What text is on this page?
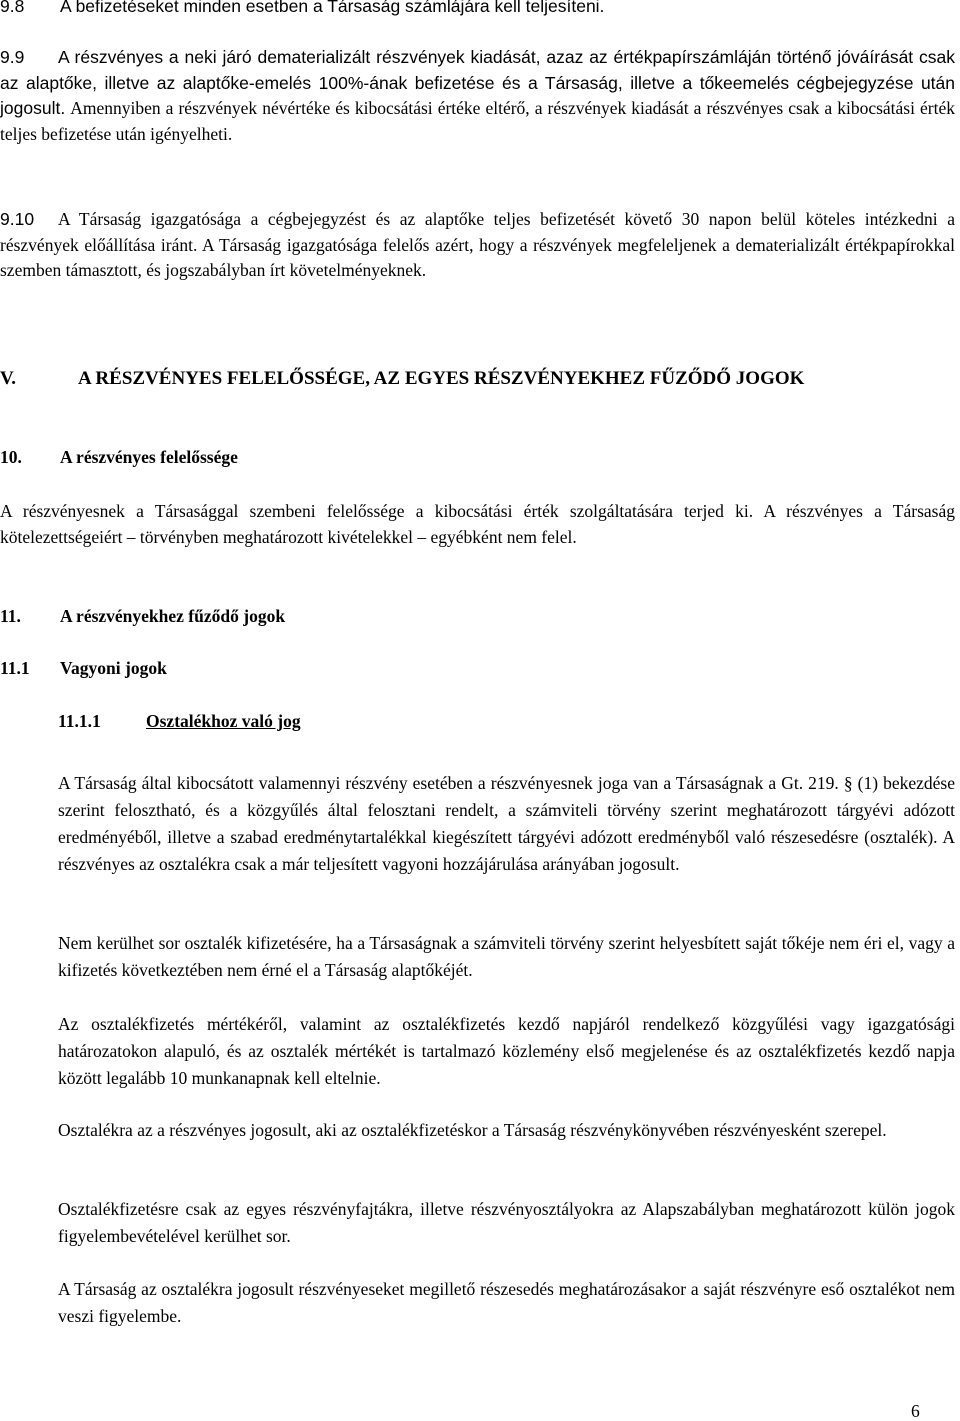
9.8 A befizetéseket minden esetben a Társaság számlájára kell teljesíteni.
9.9 A részvényes a neki járó dematerializált részvények kiadását, azaz az értékpapírszámláján történő jóváírását csak az alaptőke, illetve az alaptőke-emelés 100%-ának befizetése és a Társaság, illetve a tőkeemelés cégbejegyzése után jogosult. Amennyiben a részvények névértéke és kibocsátási értéke eltérő, a részvények kiadását a részvényes csak a kibocsátási érték teljes befizetése után igényelheti.
9.10 A Társaság igazgatósága a cégbejegyzést és az alaptőke teljes befizetését követő 30 napon belül köteles intézkedni a részvények előállítása iránt. A Társaság igazgatósága felelős azért, hogy a részvények megfeleljenek a dematerializált értékpapírokkal szemben támasztott, és jogszabályban írt követelményeknek.
V.	A RÉSZVÉNYES FELELŐSSÉGE, AZ EGYES RÉSZVÉNYEKHEZ FŰZŐDŐ JOGOK
10. A részvényes felelőssége
A részvényesnek a Társasággal szembeni felelőssége a kibocsátási érték szolgáltatására terjed ki. A részvényes a Társaság kötelezettségeiért – törvényben meghatározott kivételekkel – egyébként nem felel.
11. A részvényekhez fűződő jogok
11.1 Vagyoni jogok
11.1.1	Osztalékhoz való jog
A Társaság által kibocsátott valamennyi részvény esetében a részvényesnek joga van a Társaságnak a Gt. 219. § (1) bekezdése szerint felosztható, és a közgyűlés által felosztani rendelt, a számviteli törvény szerint meghatározott tárgyévi adózott eredményéből, illetve a szabad eredménytartalékkal kiegészített tárgyévi adózott eredményből való részesedésre (osztalék). A részvényes az osztalékra csak a már teljesített vagyoni hozzájárulása arányában jogosult.
Nem kerülhet sor osztalék kifizetésére, ha a Társaságnak a számviteli törvény szerint helyesbített saját tőkéje nem éri el, vagy a kifizetés következtében nem érné el a Társaság alaptőkéjét.
Az osztalékfizetés mértékéről, valamint az osztalékfizetés kezdő napjáról rendelkező közgyűlési vagy igazgatósági határozatokon alapuló, és az osztalék mértékét is tartalmazó közlemény első megjelenése és az osztalékfizetés kezdő napja között legalább 10 munkanapnak kell eltelnie.
Osztalékra az a részvényes jogosult, aki az osztalékfizetéskor a Társaság részvénykönyvében részvényesként szerepel.
Osztalékfizetésre csak az egyes részvényfajtákra, illetve részvényosztályokra az Alapszabályban meghatározott külön jogok figyelembevételével kerülhet sor.
A Társaság az osztalékra jogosult részvényeseket megillető részesedés meghatározásakor a saját részvényre eső osztalékot nem veszi figyelembe.
6
